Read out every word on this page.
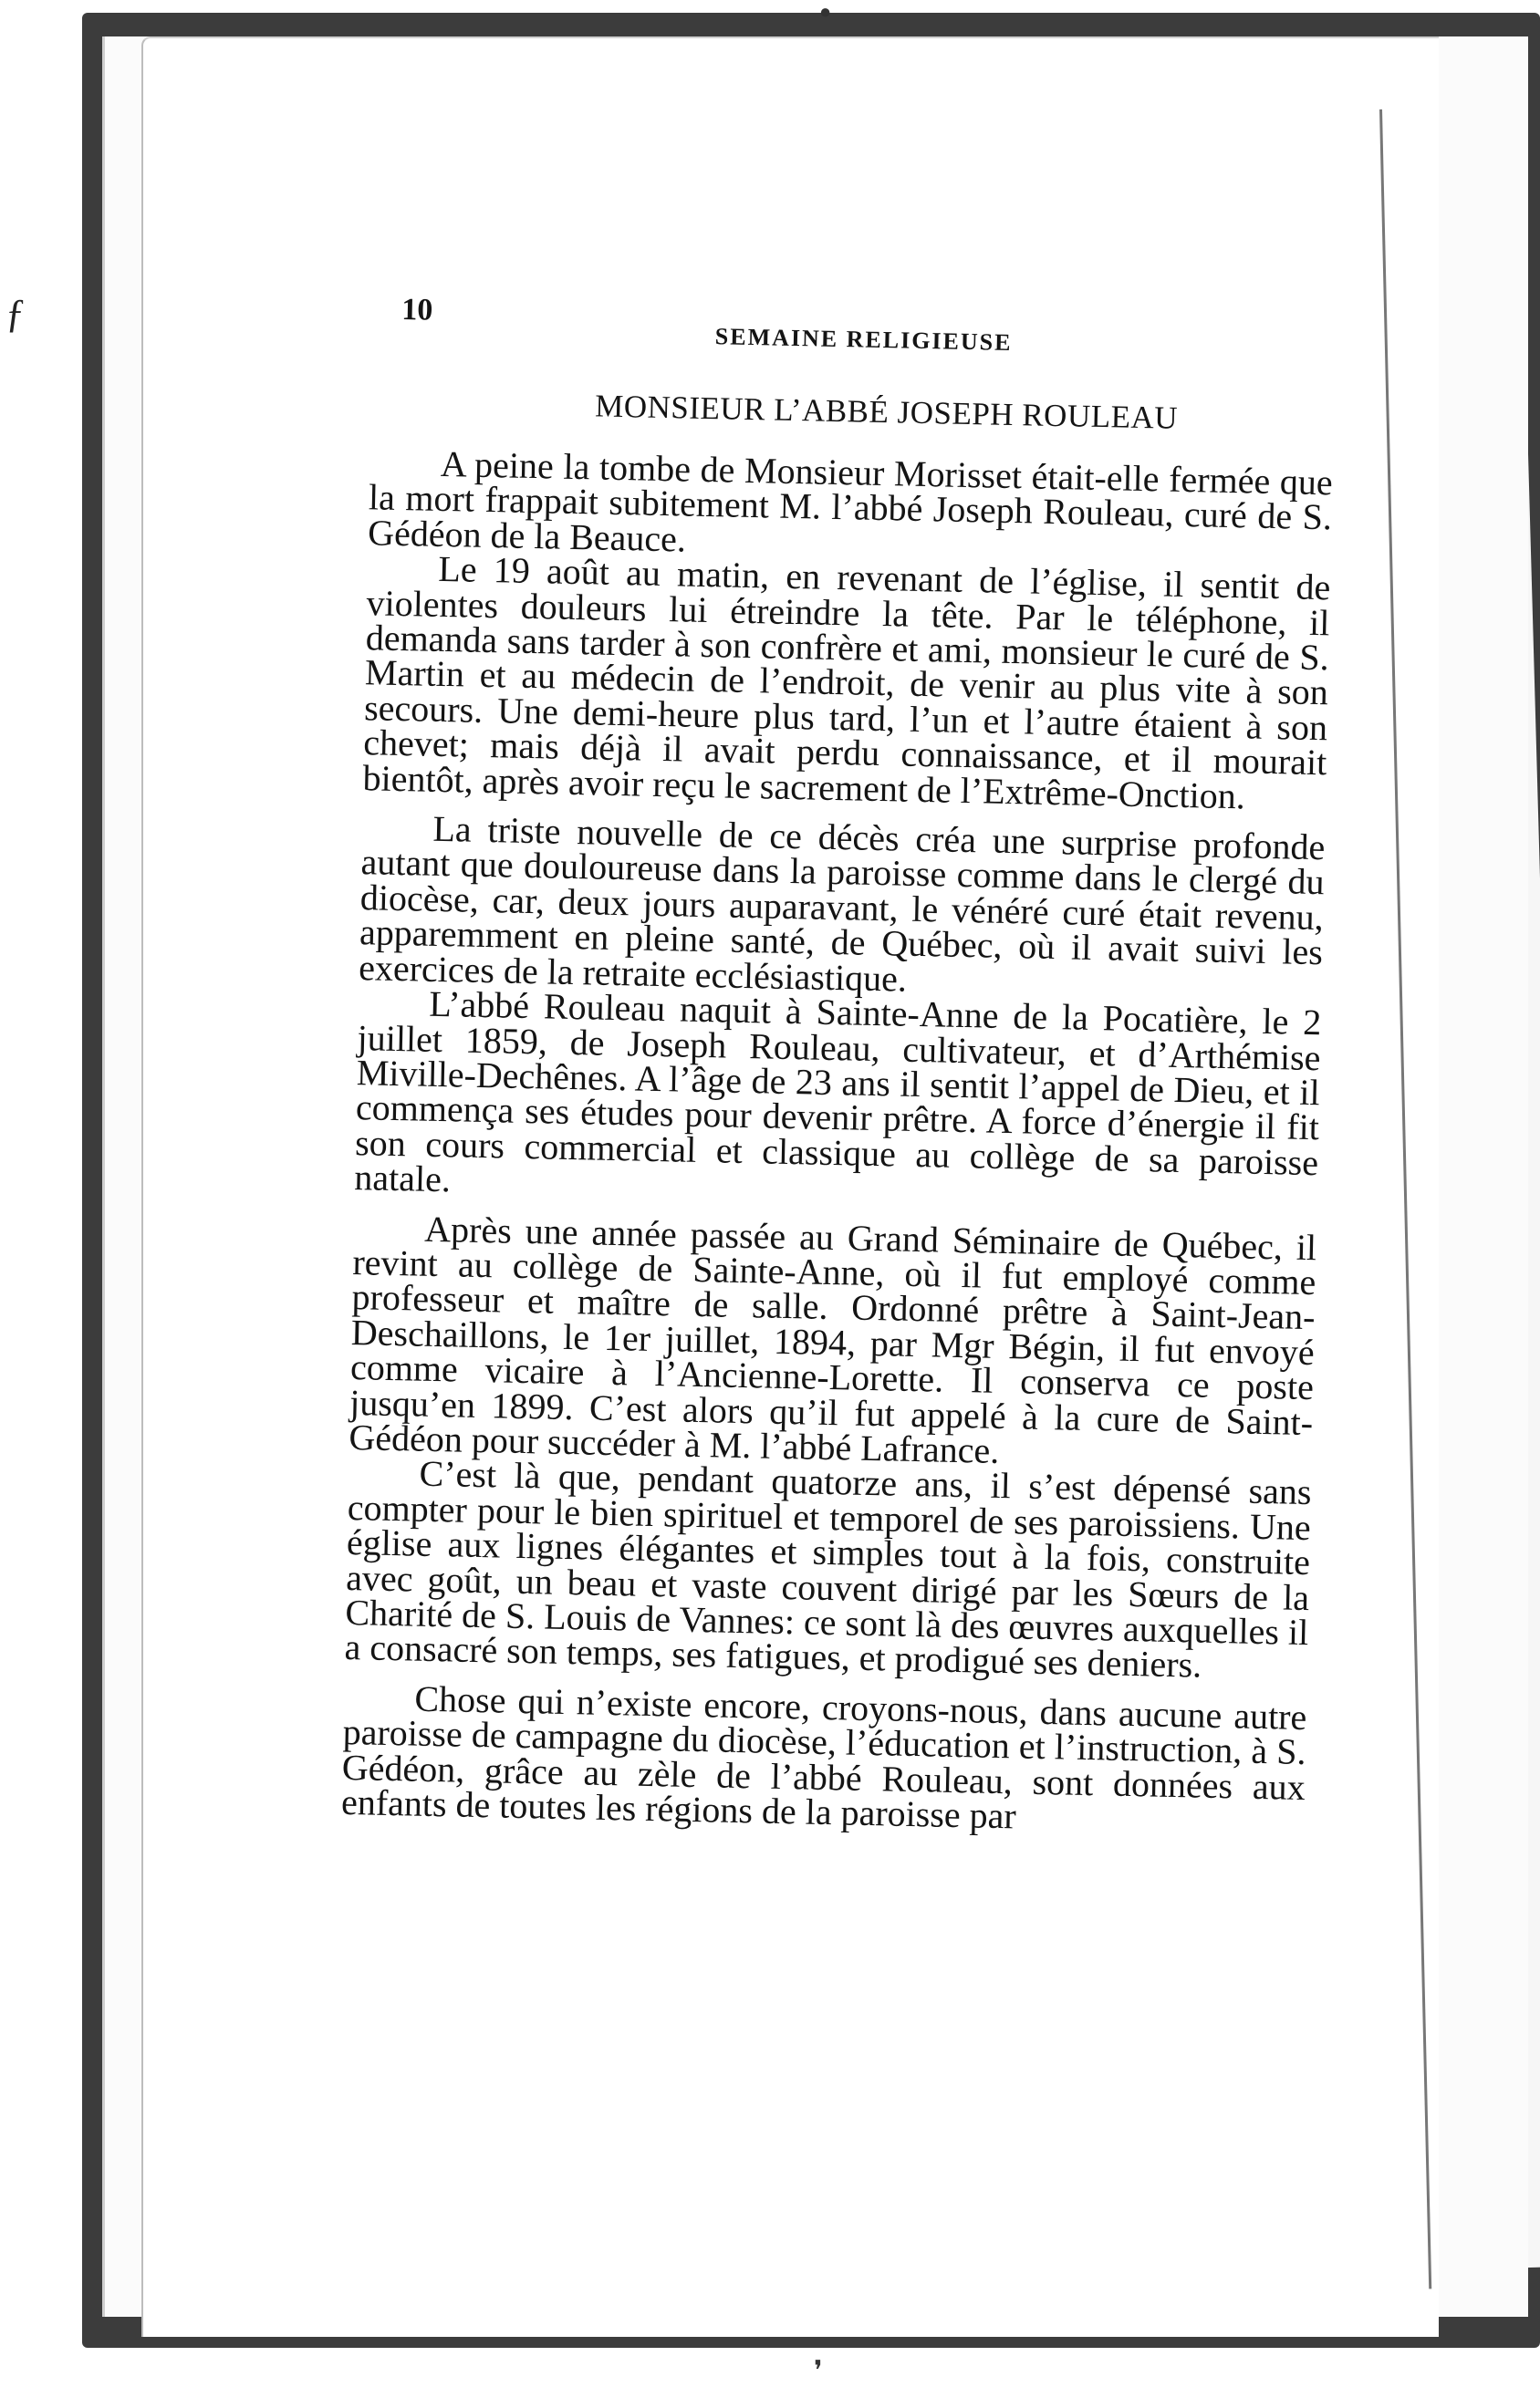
ƒ
●
❜
10
SEMAINE RELIGIEUSE
MONSIEUR L’ABBÉ JOSEPH ROULEAU

A peine la tombe de Monsieur Morisset était-elle fermée que la mort frappait subitement M. l’abbé Joseph Rouleau, curé de S. Gédéon de la Beauce.

Le 19 août au matin, en revenant de l’église, il sentit de violentes douleurs lui étreindre la tête. Par le téléphone, il demanda sans tarder à son confrère et ami, monsieur le curé de S. Martin et au médecin de l’endroit, de venir au plus vite à son secours. Une demi-heure plus tard, l’un et l’autre étaient à son chevet; mais déjà il avait perdu connaissance, et il mourait bientôt, après avoir reçu le sacrement de l’Extrême-Onction.

La triste nouvelle de ce décès créa une surprise profonde autant que douloureuse dans la paroisse comme dans le clergé du diocèse, car, deux jours auparavant, le vénéré curé était revenu, apparemment en pleine santé, de Québec, où il avait suivi les exercices de la retraite ecclésiastique.

L’abbé Rouleau naquit à Sainte-Anne de la Pocatière, le 2 juillet 1859, de Joseph Rouleau, cultivateur, et d’Arthémise Miville-Dechênes. A l’âge de 23 ans il sentit l’appel de Dieu, et il commença ses études pour devenir prêtre. A force d’énergie il fit son cours commercial et classique au collège de sa paroisse natale.

Après une année passée au Grand Séminaire de Québec, il revint au collège de Sainte-Anne, où il fut employé comme professeur et maître de salle. Ordonné prêtre à Saint-Jean-Deschaillons, le 1er juillet, 1894, par Mgr Bégin, il fut envoyé comme vicaire à l’Ancienne-Lorette. Il conserva ce poste jusqu’en 1899. C’est alors qu’il fut appelé à la cure de Saint-Gédéon pour succéder à M. l’abbé Lafrance.

C’est là que, pendant quatorze ans, il s’est dépensé sans compter pour le bien spirituel et temporel de ses paroissiens. Une église aux lignes élégantes et simples tout à la fois, construite avec goût, un beau et vaste couvent dirigé par les Sœurs de la Charité de S. Louis de Vannes: ce sont là des œuvres auxquelles il a consacré son temps, ses fatigues, et prodigué ses deniers.

Chose qui n’existe encore, croyons-nous, dans aucune autre paroisse de campagne du diocèse, l’éducation et l’instruction, à S. Gédéon, grâce au zèle de l’abbé Rouleau, sont données aux enfants de toutes les régions de la paroisse par
